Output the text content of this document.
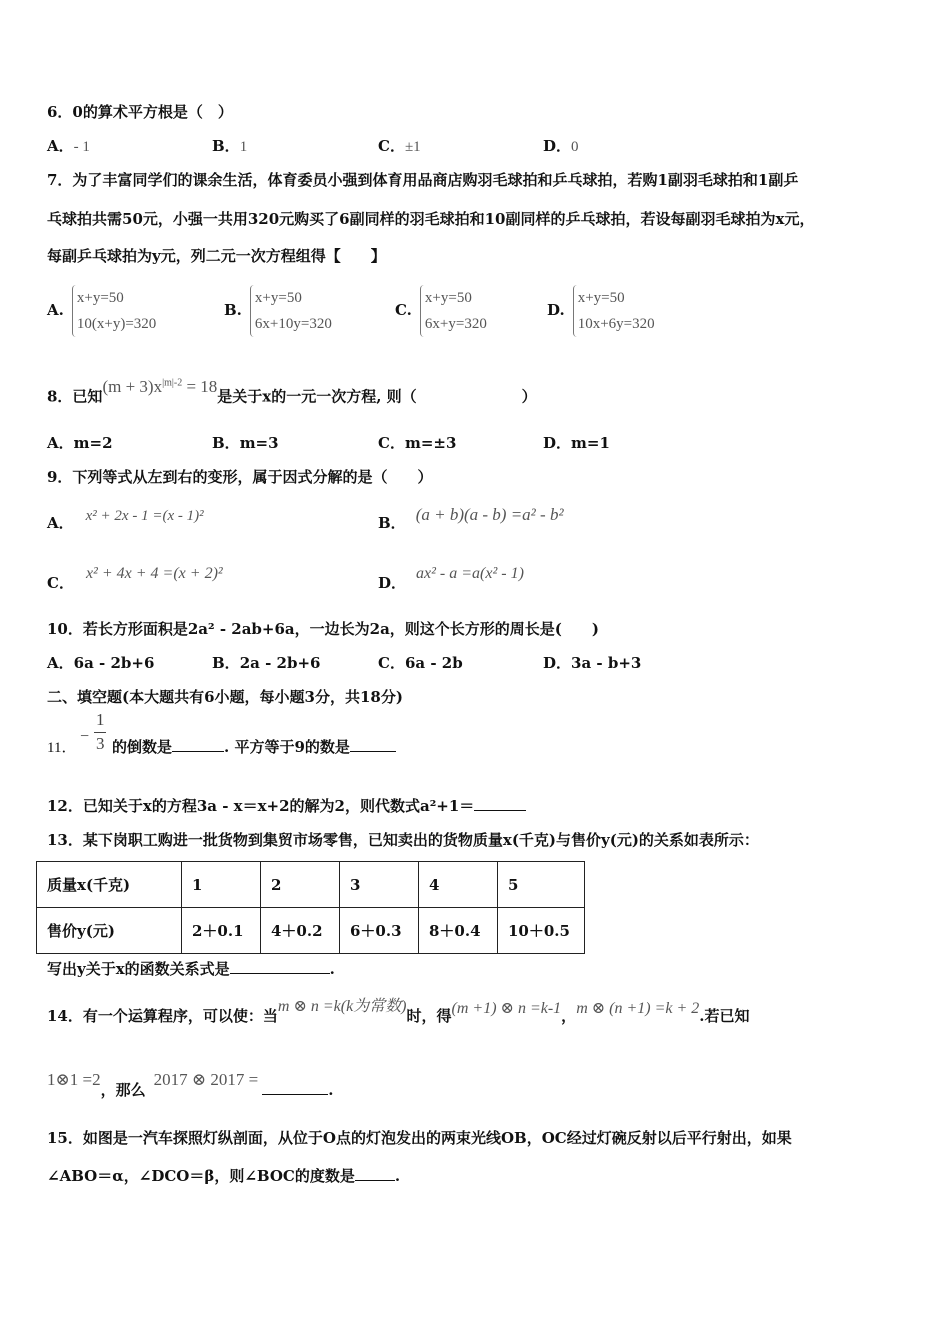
6．0的算术平方根是（　）
A．- 1	B．1	C．±1	D．0
7．为了丰富同学们的课余生活，体育委员小强到体育用品商店购羽毛球拍和乒乓球拍，若购1副羽毛球拍和1副乒
乓球拍共需50元，小强一共用320元购买了6副同样的羽毛球拍和10副同样的乒乓球拍，若设每副羽毛球拍为x元，
每副乒乓球拍为y元，列二元一次方程组得【　　】
A.
x+y=50
10(x+y)=320
B.
x+y=50
6x+10y=320
C.
x+y=50
6x+y=320
D.
x+y=50
10x+6y=320
8．已知$(m + 3)x^{|m|-2} = 18$是关于x的一元一次方程, 则（　　　　　　　）
A．m=2	B．m=3	C．m=±3	D．m=1
9．下列等式从左到右的变形，属于因式分解的是（　　）
A． x² + 2x - 1 =(x - 1)²	B． (a + b)(a - b) =a² - b²
C．x² + 4x + 4 =(x + 2)²
D．ax² - a =a(x² - 1)
10．若长方形面积是2a² - 2ab+6a，一边长为2a，则这个长方形的周长是(　　)
A．6a - 2b+6	B．2a - 2b+6	C．6a - 2b	D．3a - b+3
二、填空题(本大题共有6小题，每小题3分，共18分)
11．
−
1
3 的倒数是	. 平方等于9的数是
12．已知关于x的方程3a - x＝x+2的解为2，则代数式a²+1＝
13．某下岗职工购进一批货物到集贸市场零售，已知卖出的货物质量x(千克)与售价y(元)的关系如表所示：
质量x(千克)	1	2	3	4	5
售价y(元)	2＋0.1	4＋0.2	6＋0.3	8＋0.4	10＋0.5
写出y关于x的函数关系式是	.
14．有一个运算程序，可以使：当m ⊗ n =k(k为常数)时，得(m +1) ⊗ n =k-1，m ⊗ (n +1) =k + 2.若已知
1⊗1 =2，那么2017 ⊗ 2017 =.
15．如图是一汽车探照灯纵剖面，从位于O点的灯泡发出的两束光线OB，OC经过灯碗反射以后平行射出，如果
∠ABO＝α，∠DCO＝β，则∠BOC的度数是	.
